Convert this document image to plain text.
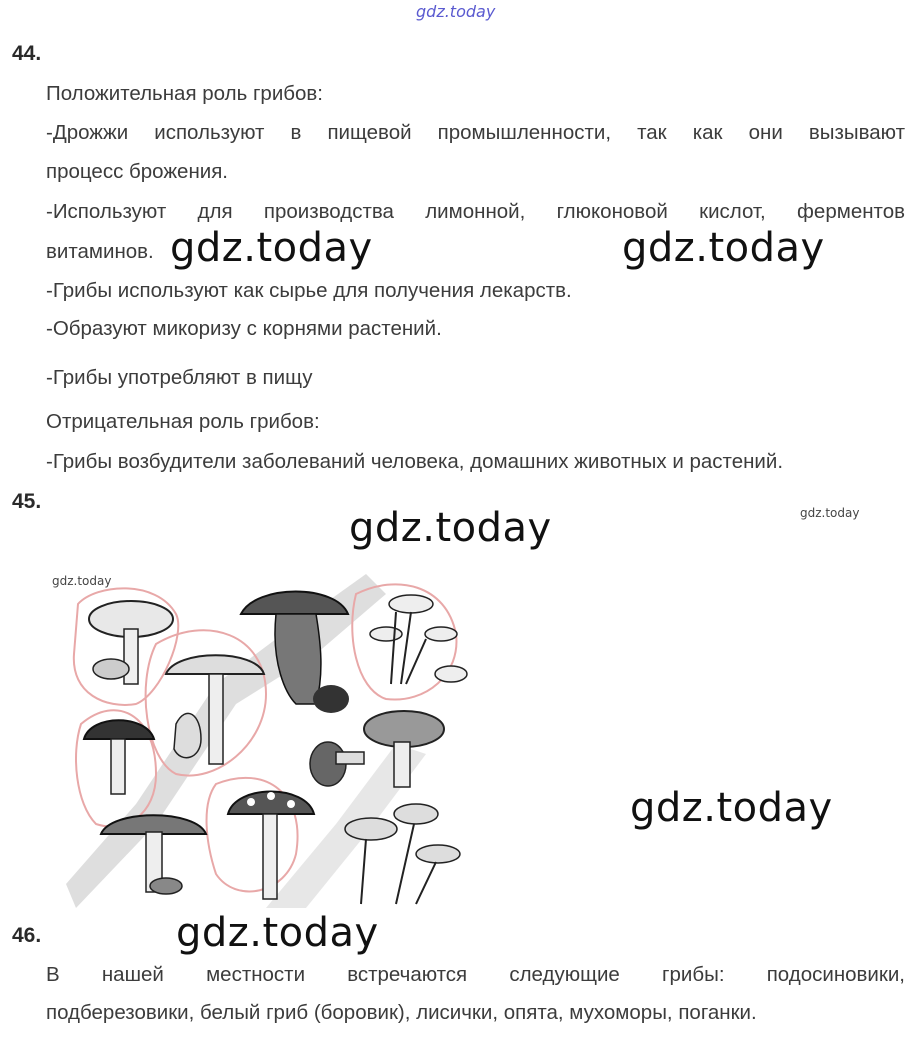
gdz.today
44.
Положительная роль грибов:
-Дрожжи используют в пищевой промышленности, так как они вызывают
процесс брожения.
-Используют для производства лимонной, глюконовой кислот, ферментов
витаминов.
-Грибы используют как сырье для получения лекарств.
-Образуют микоризу с корнями растений.
-Грибы употребляют в пищу
Отрицательная роль грибов:
-Грибы возбудители заболеваний человека, домашних животных и растений.
gdz.today	gdz.today
45.
gdz.today	gdz.today
gdz.today
gdz.today
46.	gdz.today
В нашей местности встречаются следующие грибы: подосиновики,
подберезовики, белый гриб (боровик), лисички, опята, мухоморы, поганки.
